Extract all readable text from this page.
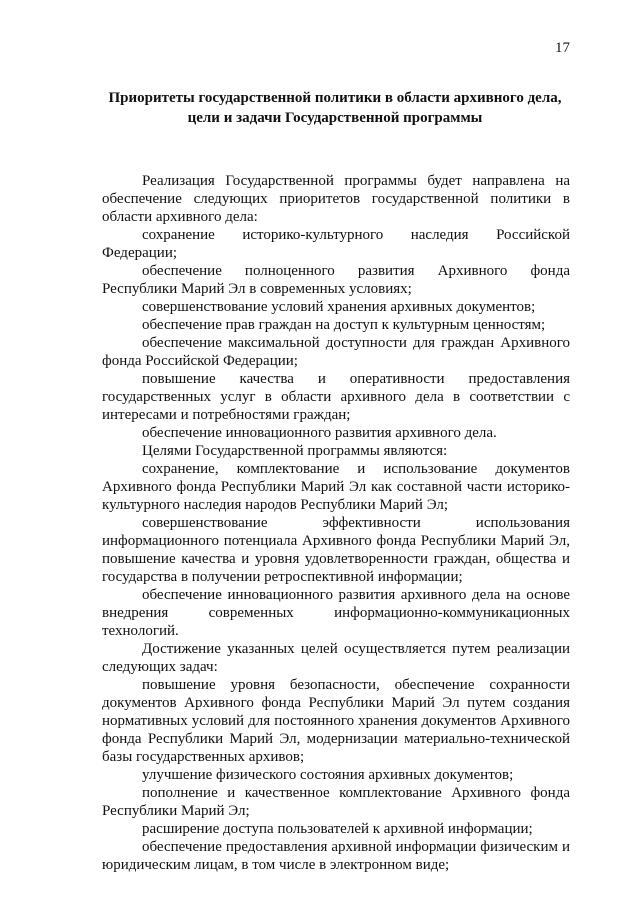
17
Приоритеты государственной политики в области архивного дела,
цели и задачи Государственной программы

Реализация Государственной программы будет направлена на обеспечение следующих приоритетов государственной политики в области архивного дела:

сохранение историко-культурного наследия Российской Федерации;

обеспечение полноценного развития Архивного фонда Республики Марий Эл в современных условиях;

совершенствование условий хранения архивных документов;

обеспечение прав граждан на доступ к культурным ценностям;

обеспечение максимальной доступности для граждан Архивного фонда Российской Федерации;

повышение качества и оперативности предоставления государственных услуг в области архивного дела в соответствии с интересами и потребностями граждан;

обеспечение инновационного развития архивного дела.

Целями Государственной программы являются:

сохранение, комплектование и использование документов Архивного фонда Республики Марий Эл как составной части историко-культурного наследия народов Республики Марий Эл;

совершенствование эффективности использования информационного потенциала Архивного фонда Республики Марий Эл, повышение качества и уровня удовлетворенности граждан, общества и государства в получении ретроспективной информации;

обеспечение инновационного развития архивного дела на основе внедрения современных информационно-коммуникационных технологий.

Достижение указанных целей осуществляется путем реализации следующих задач:

повышение уровня безопасности, обеспечение сохранности документов Архивного фонда Республики Марий Эл путем создания нормативных условий для постоянного хранения документов Архивного фонда Республики Марий Эл, модернизации материально-технической базы государственных архивов;

улучшение физического состояния архивных документов;

пополнение и качественное комплектование Архивного фонда Республики Марий Эл;

расширение доступа пользователей к архивной информации;

обеспечение предоставления архивной информации физическим и юридическим лицам, в том числе в электронном виде;
